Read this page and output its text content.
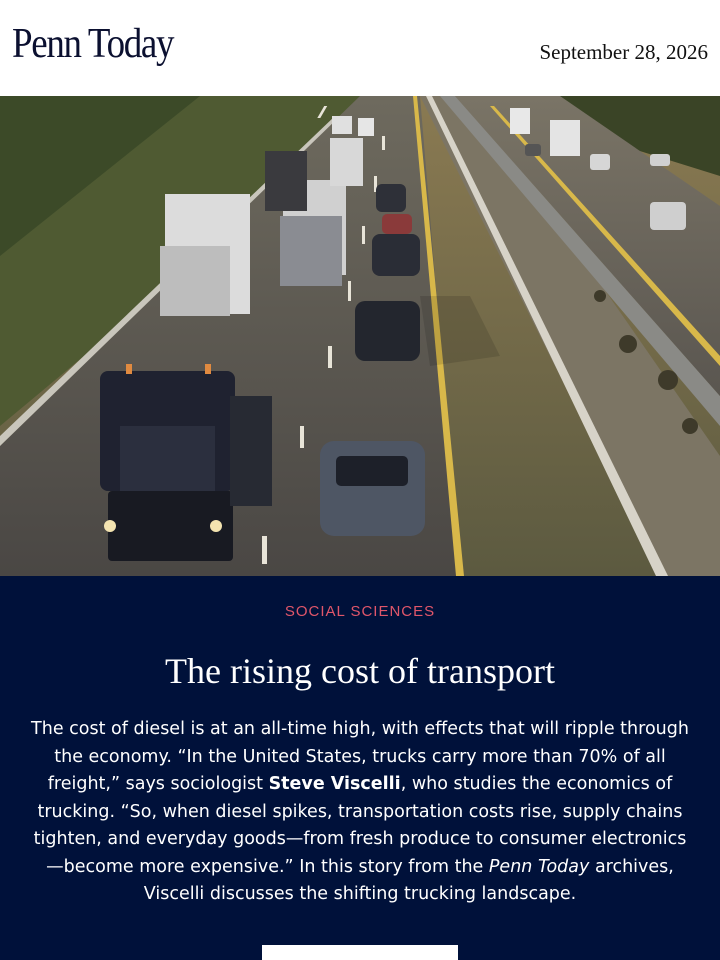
Penn Today	September 28, 2026
SOCIAL SCIENCES
The rising cost of transport

The cost of diesel is at an all-time high, with effects that will ripple through the economy. “In the United States, trucks carry more than 70% of all freight,” says sociologist Steve Viscelli, who studies the economics of trucking. “So, when diesel spikes, transportation costs rise, supply chains tighten, and everyday goods—from fresh produce to consumer electronics—become more expensive.” In this story from the Penn Today archives, Viscelli discusses the shifting trucking landscape.
